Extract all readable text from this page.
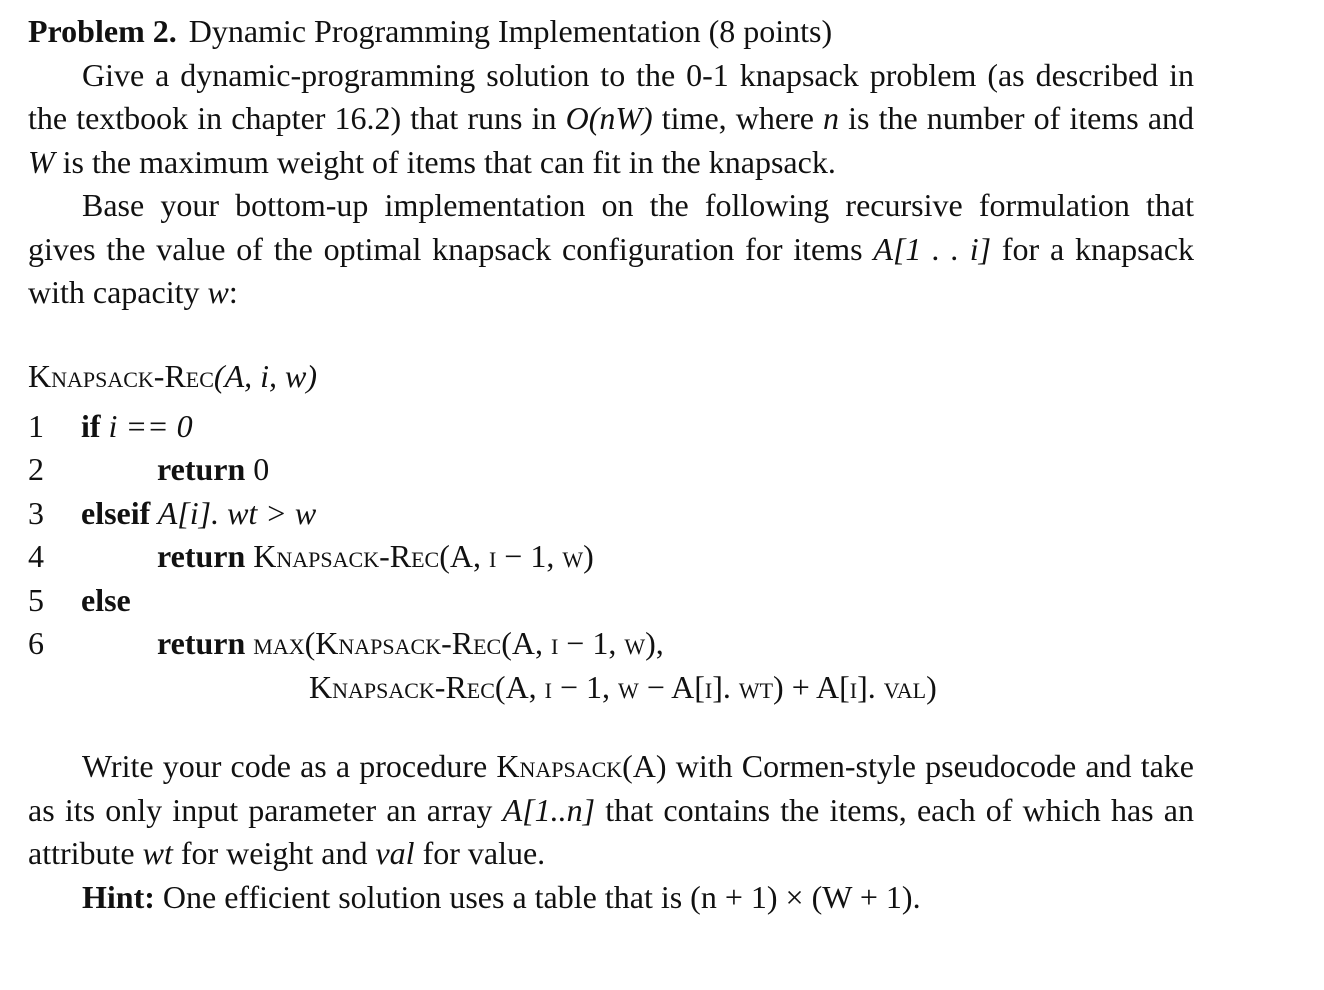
Problem 2. Dynamic Programming Implementation (8 points)

Give a dynamic-programming solution to the 0-1 knapsack problem (as described in the textbook in chapter 16.2) that runs in O(nW) time, where n is the number of items and W is the maximum weight of items that can fit in the knapsack.

Base your bottom-up implementation on the following recursive formulation that gives the value of the optimal knapsack configuration for items A[1 . . i] for a knapsack with capacity w:

Knapsack-Rec(A, i, w)

1	if i == 0
2	return 0
3	elseif A[i]. wt > w
4	return Knapsack-Rec(A, i − 1, w)
5	else
6	return max(Knapsack-Rec(A, i − 1, w),
Knapsack-Rec(A, i − 1, w − A[i]. wt) + A[i]. val)

Write your code as a procedure Knapsack(A) with Cormen-style pseudocode and take as its only input parameter an array A[1..n] that contains the items, each of which has an attribute wt for weight and val for value.

Hint: One efficient solution uses a table that is (n + 1) × (W + 1).
